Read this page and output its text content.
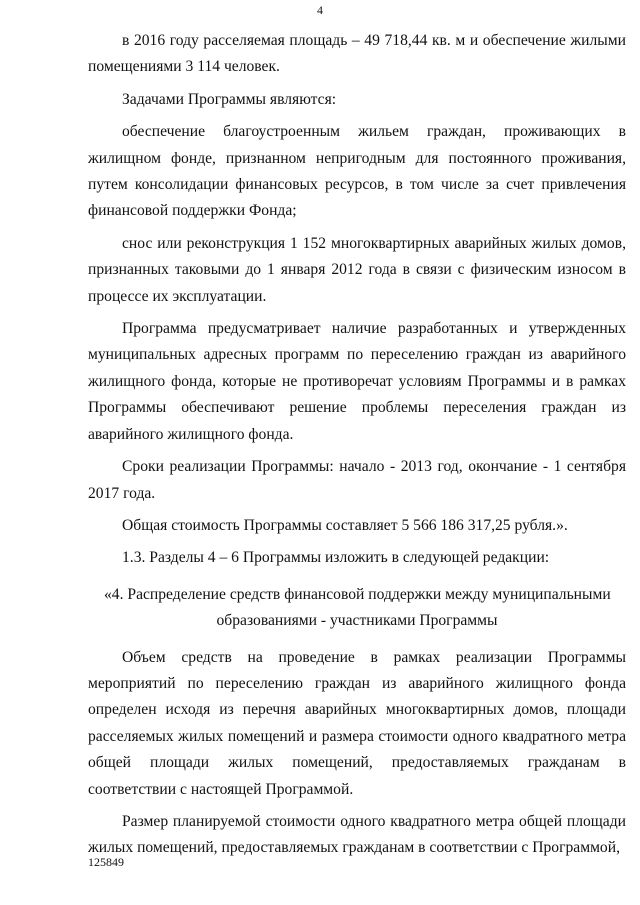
4

в 2016 году расселяемая площадь – 49 718,44 кв. м и обеспечение жилыми помещениями 3 114 человек.

Задачами Программы являются:

обеспечение благоустроенным жильем граждан, проживающих в жилищном фонде, признанном непригодным для постоянного проживания, путем консолидации финансовых ресурсов, в том числе за счет привлечения финансовой поддержки Фонда;

снос или реконструкция 1 152 многоквартирных аварийных жилых домов, признанных таковыми до 1 января 2012 года в связи с физическим износом в процессе их эксплуатации.

Программа предусматривает наличие разработанных и утвержденных муниципальных адресных программ по переселению граждан из аварийного жилищного фонда, которые не противоречат условиям Программы и в рамках Программы обеспечивают решение проблемы переселения граждан из аварийного жилищного фонда.

Сроки реализации Программы: начало - 2013 год, окончание - 1 сентября 2017 года.

Общая стоимость Программы составляет 5 566 186 317,25 рубля.».

1.3. Разделы 4 – 6 Программы изложить в следующей редакции:

«4. Распределение средств финансовой поддержки между муниципальными
образованиями - участниками Программы

Объем средств на проведение в рамках реализации Программы мероприятий по переселению граждан из аварийного жилищного фонда определен исходя из перечня аварийных многоквартирных домов, площади расселяемых жилых помещений и размера стоимости одного квадратного метра общей площади жилых помещений, предоставляемых гражданам в соответствии с настоящей Программой.

Размер планируемой стоимости одного квадратного метра общей площади жилых помещений, предоставляемых гражданам в соответствии с Программой,

125849
